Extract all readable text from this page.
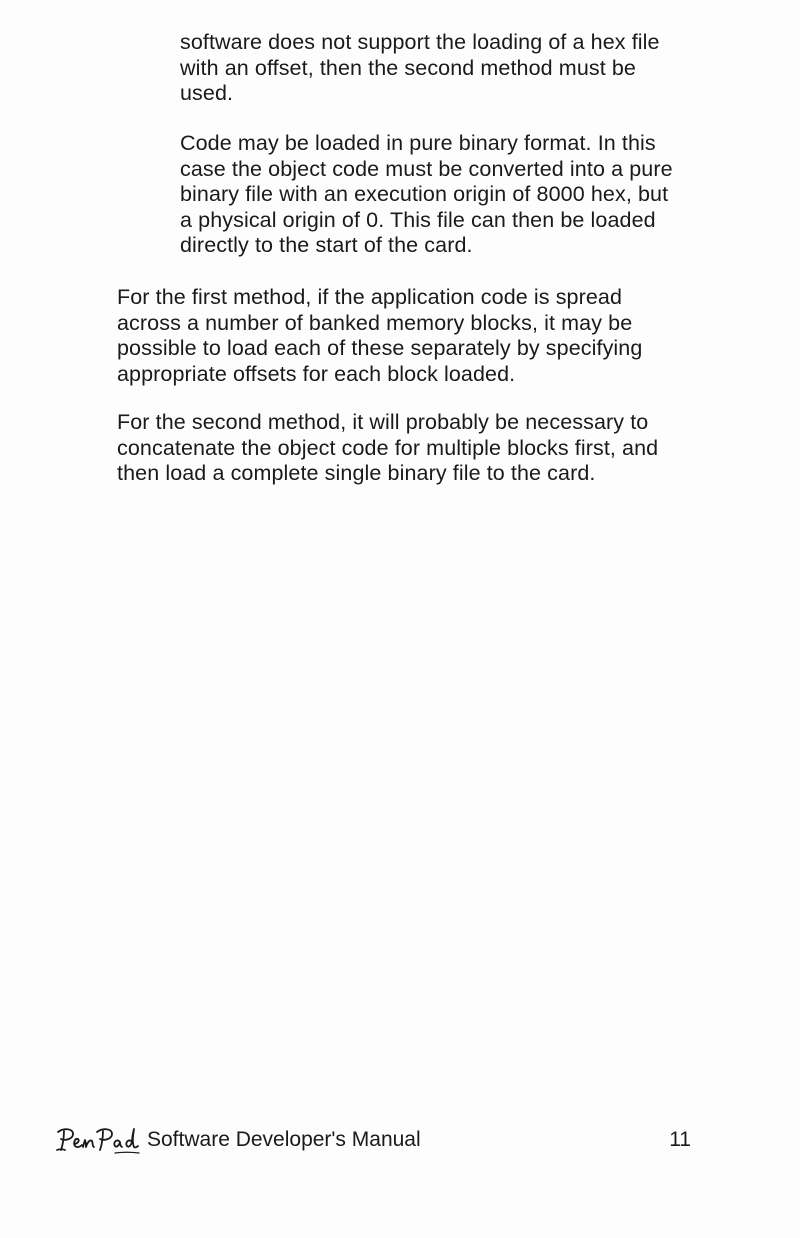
software does not support the loading of a hex file
with an offset, then the second method must be
used.

Code may be loaded in pure binary format. In this
case the object code must be converted into a pure
binary file with an execution origin of 8000 hex, but
a physical origin of 0. This file can then be loaded
directly to the start of the card.

For the first method, if the application code is spread
across a number of banked memory blocks, it may be
possible to load each of these separately by specifying
appropriate offsets for each block loaded.

For the second method, it will probably be necessary to
concatenate the object code for multiple blocks first, and
then load a complete single binary file to the card.

Software Developer's Manual	11
